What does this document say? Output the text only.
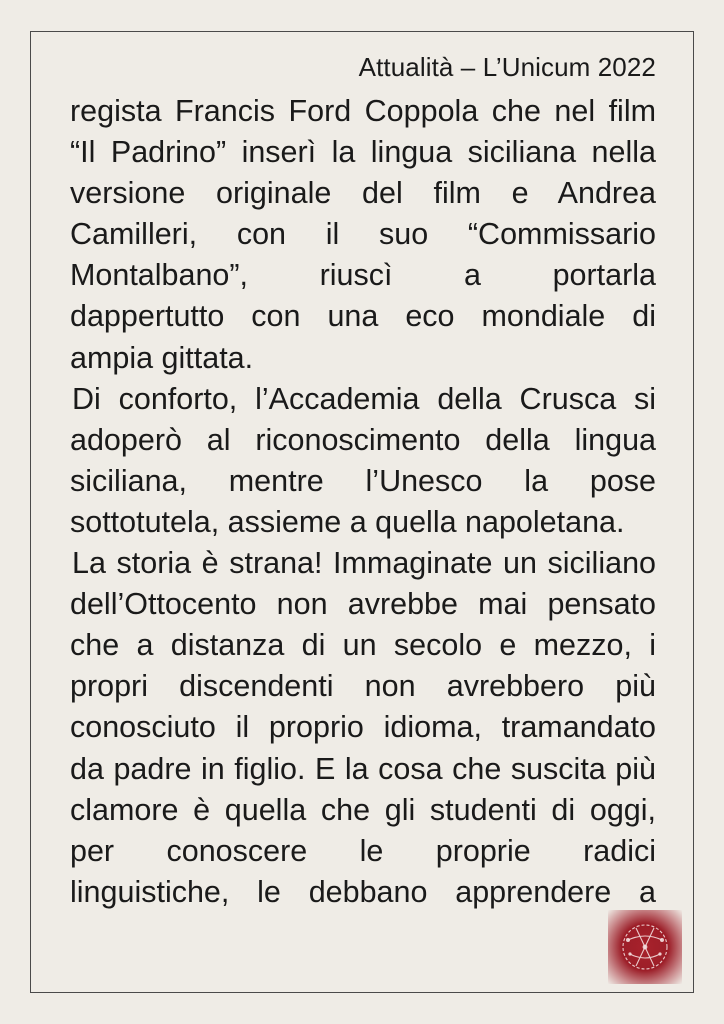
Attualità – L’Unicum 2022
regista Francis Ford Coppola che nel film
“Il Padrino” inserì la lingua siciliana nella
versione originale del film e Andrea
Camilleri, con il suo “Commissario
Montalbano”, riuscì a portarla
dappertutto con una eco mondiale di
ampia gittata.
Di conforto, l’Accademia della Crusca si
adoperò al riconoscimento della lingua
siciliana, mentre l’Unesco la pose
sottotutela, assieme a quella napoletana.
La storia è strana! Immaginate un siciliano
dell’Ottocento non avrebbe mai pensato
che a distanza di un secolo e mezzo, i
propri discendenti non avrebbero più
conosciuto il proprio idioma, tramandato
da padre in figlio. E la cosa che suscita più
clamore è quella che gli studenti di oggi,
per conoscere le proprie radici
linguistiche, le debbano apprendere a
